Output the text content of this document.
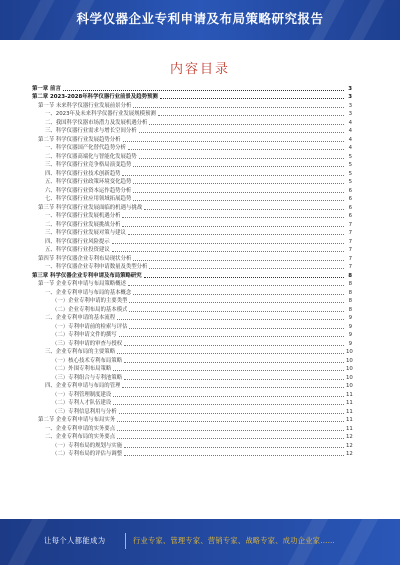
科学仪器企业专利申请及布局策略研究报告
内容目录
第一章 前言	3
第二章 2023-2028年科学仪器行业前景及趋势预测	3
第一节 未来科学仪器行业发展前景分析	3
一、2023年及未来科学仪器行业发展规模预测	3
二、我国科学仪器市场潜力及发展机遇分析	4
三、科学仪器行业需求与增长空间分析	4
第二节 科学仪器行业发展趋势分析	4
一、科学仪器国产化替代趋势分析	4
二、科学仪器高端化与智能化发展趋势	5
三、科学仪器行业竞争格局演变趋势	5
四、科学仪器行业技术创新趋势	5
五、科学仪器行业政策环境变化趋势	5
六、科学仪器行业资本运作趋势分析	6
七、科学仪器行业应用领域拓展趋势	6
第三节 科学仪器行业发展面临的机遇与挑战	6
一、科学仪器行业发展机遇分析	6
二、科学仪器行业发展挑战分析	7
三、科学仪器行业发展对策与建议	7
四、科学仪器行业风险提示	7
五、科学仪器行业投资建议	7
第四节 科学仪器企业专利布局现状分析	7
一、科学仪器企业专利申请数量及类型分析	7
第三章 科学仪器企业专利申请及布局策略研究	8
第一节 企业专利申请与布局策略概述	8
一、企业专利申请与布局的基本概念	8
（一）企业专利申请的主要类型	8
（二）企业专利布局的基本模式	8
二、企业专利申请的基本流程	9
（一）专利申请前的检索与评估	9
（二）专利申请文件的撰写	9
（三）专利申请的审查与授权	9
三、企业专利布局的主要策略	10
（一）核心技术专利布局策略	10
（二）外围专利布局策略	10
（三）专利组合与专利池策略	10
四、企业专利申请与布局的管理	10
（一）专利管理制度建设	11
（二）专利人才队伍建设	11
（三）专利信息利用与分析	11
第二节 企业专利申请与布局实务	11
一、企业专利申请的实务要点	11
二、企业专利布局的实务要点	12
（一）专利布局的规划与实施	12
（二）专利布局的评估与调整	12
让每个人都能成为	行业专家、管理专家、营销专家、战略专家、成功企业家……
